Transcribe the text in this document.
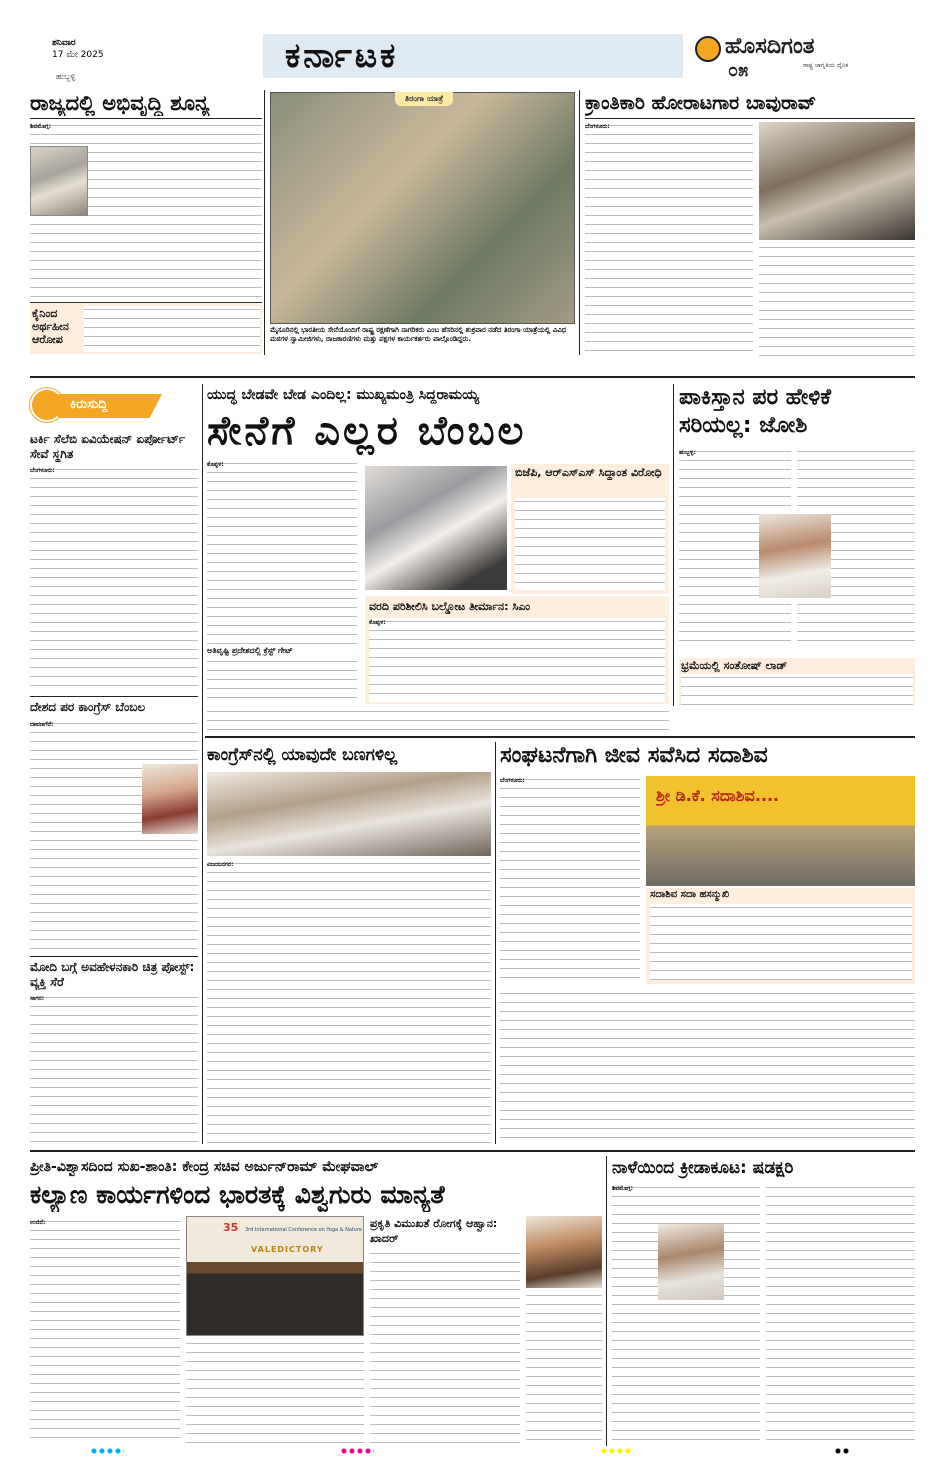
ಶನಿವಾರ
17 ಮೇ 2025
ಹುಬ್ಬಳ್ಳಿ
ಕರ್ನಾಟಕ	ಹೊಸದಿಗಂತ
ರಾಷ್ಟ್ರ ಜಾಗೃತಿಯ ದೈನಿಕ
೦೫
ರಾಜ್ಯದಲ್ಲಿ ಅಭಿವೃದ್ಧಿ ಶೂನ್ಯ
ಶಿವಮೊಗ್ಗ:
ಕೈನಿಂದ ಅರ್ಥಹೀನ ಆರೋಪ
ತಿರಂಗಾ ಯಾತ್ರೆ
ಮೈಸೂರಿನಲ್ಲಿ ಭಾರತೀಯ ಸೇನೆಯೊಂದಿಗೆ ರಾಷ್ಟ್ರ ರಕ್ಷಣೆಗಾಗಿ ನಾಗರಿಕರು ಎಂಬ ಹೆಸರಿನಲ್ಲಿ ಶುಕ್ರವಾರ ನಡೆದ ತಿರಂಗಾ ಯಾತ್ರೆಯಲ್ಲಿ ವಿವಿಧ ಮಠಗಳ ಸ್ವಾಮೀಜಿಗಳು, ರಾಜಕಾರಣಿಗಳು ಮತ್ತು ಪಕ್ಷಗಳ ಕಾರ್ಯಕರ್ತರು ಪಾಲ್ಗೊಂಡಿದ್ದರು.
ಕ್ರಾಂತಿಕಾರಿ ಹೋರಾಟಗಾರ ಬಾವುರಾವ್
ಬೆಂಗಳೂರು:
ಕಿರುಸುದ್ದಿ
ಟರ್ಕಿ ಸೆಲೆಬಿ ಏವಿಯೇಷನ್ ಏರ್ಪೋರ್ಟ್ ಸೇವೆ ಸ್ಥಗಿತ
ಬೆಂಗಳೂರು:
ದೇಶದ ಪರ ಕಾಂಗ್ರೆಸ್ ಬೆಂಬಲ
ದಾವಣಗೆರೆ:
ಮೋದಿ ಬಗ್ಗೆ ಅವಹೇಳನಕಾರಿ ಚಿತ್ರ ಪೋಸ್ಟ್: ವ್ಯಕ್ತಿ ಸೆರೆ
ಸಾಗರ:
ಯುದ್ಧ ಬೇಡವೇ ಬೇಡ ಎಂದಿಲ್ಲ: ಮುಖ್ಯಮಂತ್ರಿ ಸಿದ್ದರಾಮಯ್ಯ
ಸೇನೆಗೆ ಎಲ್ಲರ ಬೆಂಬಲ
ಕೊಪ್ಪಳ:
ಬಿಜೆಪಿ, ಆರ್‌ಎಸ್‌ಎಸ್ ಸಿದ್ಧಾಂತ ವಿರೋಧಿ
ವರದಿ ಪರಿಶೀಲಿಸಿ ಬಲ್ಡೋಟ ತೀರ್ಮಾನ: ಸಿಎಂ
ಕೊಪ್ಪಳ:
ಅತಿವೃಷ್ಟಿ ಪ್ರದೇಶದಲ್ಲಿ ಕ್ರೆಸ್ಟ್ ಗೇಟ್
ಪಾಕಿಸ್ತಾನ ಪರ ಹೇಳಿಕೆ
ಸರಿಯಲ್ಲ: ಜೋಶಿ
ಹುಬ್ಬಳ್ಳಿ:
ಭ್ರಮೆಯಲ್ಲಿ ಸಂತೋಷ್ ಲಾಡ್
ಕಾಂಗ್ರೆಸ್‌ನಲ್ಲಿ ಯಾವುದೇ ಬಣಗಳಿಲ್ಲ
ವಿಜಯನಗರ:
ಸಂಘಟನೆಗಾಗಿ ಜೀವ ಸವೆಸಿದ ಸದಾಶಿವ
ಬೆಂಗಳೂರು:
ಶ್ರೀ ಡಿ.ಕೆ. ಸದಾಶಿವ....
ಸದಾಶಿವ ಸದಾ ಹಸನ್ಮುಖಿ
ಪ್ರೀತಿ-ವಿಶ್ವಾಸದಿಂದ ಸುಖ-ಶಾಂತಿ: ಕೇಂದ್ರ ಸಚಿವ ಅರ್ಜುನ್‌ರಾಮ್ ಮೇಘವಾಲ್
ಕಲ್ಯಾಣ ಕಾರ್ಯಗಳಿಂದ ಭಾರತಕ್ಕೆ ವಿಶ್ವಗುರು ಮಾನ್ಯತೆ
ಉಜಿರೆ:	35 3rd International Conference on Yoga & Nature
VALEDICTORY
ಪ್ರಕೃತಿ ವಿಮುಖತೆ ರೋಗಕ್ಕೆ ಆಹ್ವಾನ: ಖಾದರ್
ನಾಳೆಯಿಂದ ಕ್ರೀಡಾಕೂಟ: ಷಡಕ್ಷರಿ
ಶಿವಮೊಗ್ಗ:
